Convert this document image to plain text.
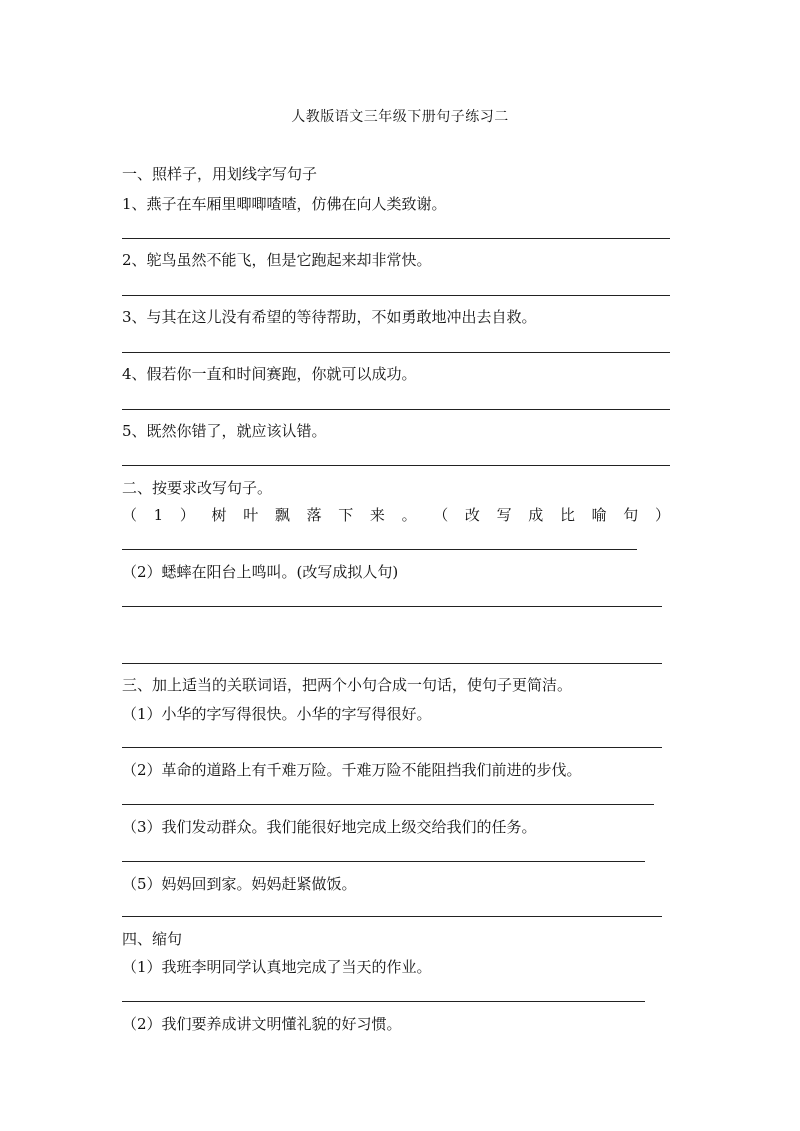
人教版语文三年级下册句子练习二
一、照样子，用划线字写句子
1、燕子在车厢里唧唧喳喳，仿佛在向人类致谢。
2、鸵鸟虽然不能飞，但是它跑起来却非常快。
3、与其在这儿没有希望的等待帮助，不如勇敢地冲出去自救。
4、假若你一直和时间赛跑，你就可以成功。
5、既然你错了，就应该认错。
二、按要求改写句子。
（ 1 ） 树 叶 飘 落 下 来 。 （ 改 写 成 比 喻 句 ）
（2）蟋蟀在阳台上鸣叫。(改写成拟人句)
三、加上适当的关联词语，把两个小句合成一句话，使句子更简洁。
（1）小华的字写得很快。小华的字写得很好。
（2）革命的道路上有千难万险。千难万险不能阻挡我们前进的步伐。
（3）我们发动群众。我们能很好地完成上级交给我们的任务。
（5）妈妈回到家。妈妈赶紧做饭。
四、缩句
（1）我班李明同学认真地完成了当天的作业。
（2）我们要养成讲文明懂礼貌的好习惯。
